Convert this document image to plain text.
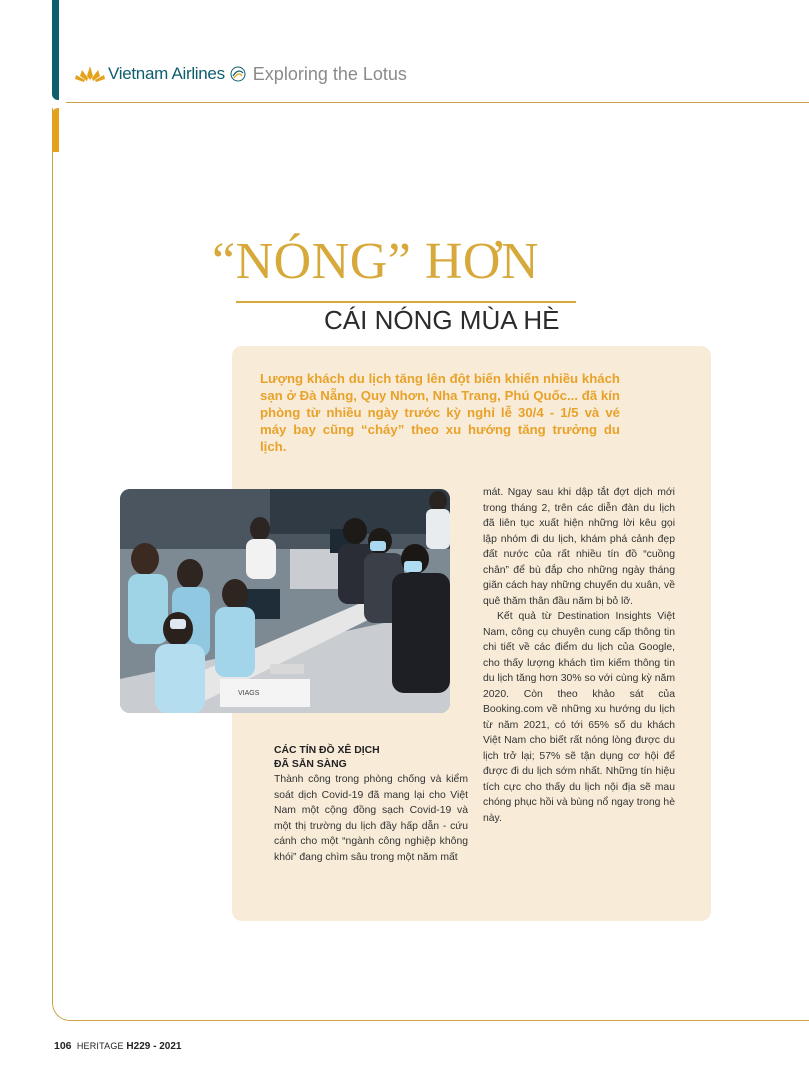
Vietnam Airlines Exploring the Lotus
“NÓNG” HƠN
CÁI NÓNG MÙA HÈ

Lượng khách du lịch tăng lên đột biến khiến nhiều khách sạn ở Đà Nẵng, Quy Nhơn, Nha Trang, Phú Quốc... đã kín phòng từ nhiều ngày trước kỳ nghỉ lễ 30/4 - 1/5 và vé máy bay cũng “cháy” theo xu hướng tăng trưởng du lịch.

VIAGS

mát. Ngay sau khi dập tắt đợt dịch mới trong tháng 2, trên các diễn đàn du lịch đã liên tục xuất hiện những lời kêu gọi lập nhóm đi du lịch, khám phá cảnh đẹp đất nước của rất nhiều tín đồ “cuồng chân” để bù đắp cho những ngày tháng giãn cách hay những chuyến du xuân, về quê thăm thân đầu năm bị bỏ lỡ.

Kết quả từ Destination Insights Việt Nam, công cụ chuyên cung cấp thông tin chi tiết về các điểm du lịch của Google, cho thấy lượng khách tìm kiếm thông tin du lịch tăng hơn 30% so với cùng kỳ năm 2020. Còn theo khảo sát của Booking.com về những xu hướng du lịch từ năm 2021, có tới 65% số du khách Việt Nam cho biết rất nóng lòng được du lịch trở lại; 57% sẽ tận dụng cơ hội để được đi du lịch sớm nhất. Những tín hiệu tích cực cho thấy du lịch nội địa sẽ mau chóng phục hồi và bùng nổ ngay trong hè này.

CÁC TÍN ĐỒ XÊ DỊCH
ĐÃ SẴN SÀNG

Thành công trong phòng chống và kiểm soát dịch Covid-19 đã mang lại cho Việt Nam một cộng đồng sạch Covid-19 và một thị trường du lịch đầy hấp dẫn - cứu cánh cho một “ngành công nghiệp không khói” đang chìm sâu trong một năm mất

106 HERITAGE H229 - 2021
